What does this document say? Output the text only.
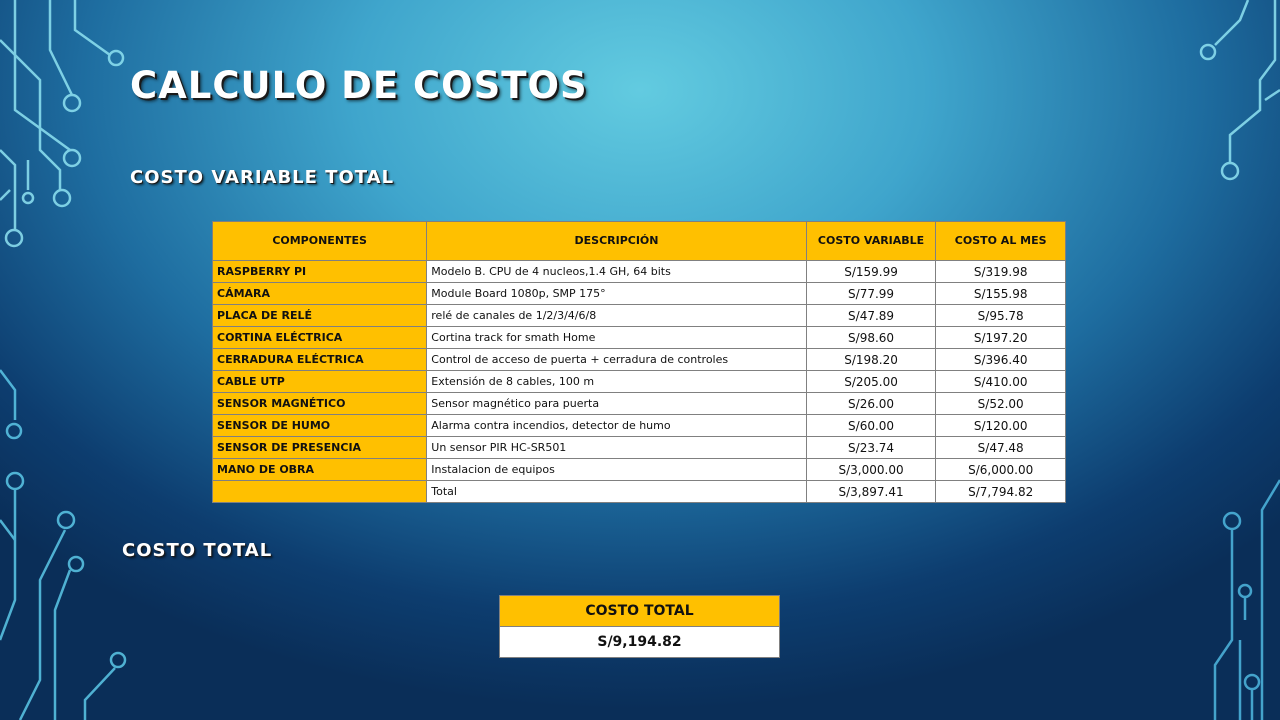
CALCULO DE COSTOS
COSTO VARIABLE TOTAL
COSTO TOTAL
COMPONENTES	DESCRIPCIÓN	COSTO VARIABLE	COSTO AL MES
RASPBERRY PI	Modelo B. CPU de 4 nucleos,1.4 GH, 64 bits	S/159.99	S/319.98
CÁMARA	Module Board 1080p, SMP 175°	S/77.99	S/155.98
PLACA DE RELÉ	relé de canales de 1/2/3/4/6/8	S/47.89	S/95.78
CORTINA ELÉCTRICA	Cortina track for smath Home	S/98.60	S/197.20
CERRADURA ELÉCTRICA	Control de acceso de puerta + cerradura de controles	S/198.20	S/396.40
CABLE UTP	Extensión de 8 cables, 100 m	S/205.00	S/410.00
SENSOR MAGNÉTICO	Sensor magnético para puerta	S/26.00	S/52.00
SENSOR DE HUMO	Alarma contra incendios, detector de humo	S/60.00	S/120.00
SENSOR DE PRESENCIA	Un sensor PIR HC-SR501	S/23.74	S/47.48
MANO DE OBRA	Instalacion de equipos	S/3,000.00	S/6,000.00
	Total	S/3,897.41	S/7,794.82
COSTO TOTAL
S/9,194.82
